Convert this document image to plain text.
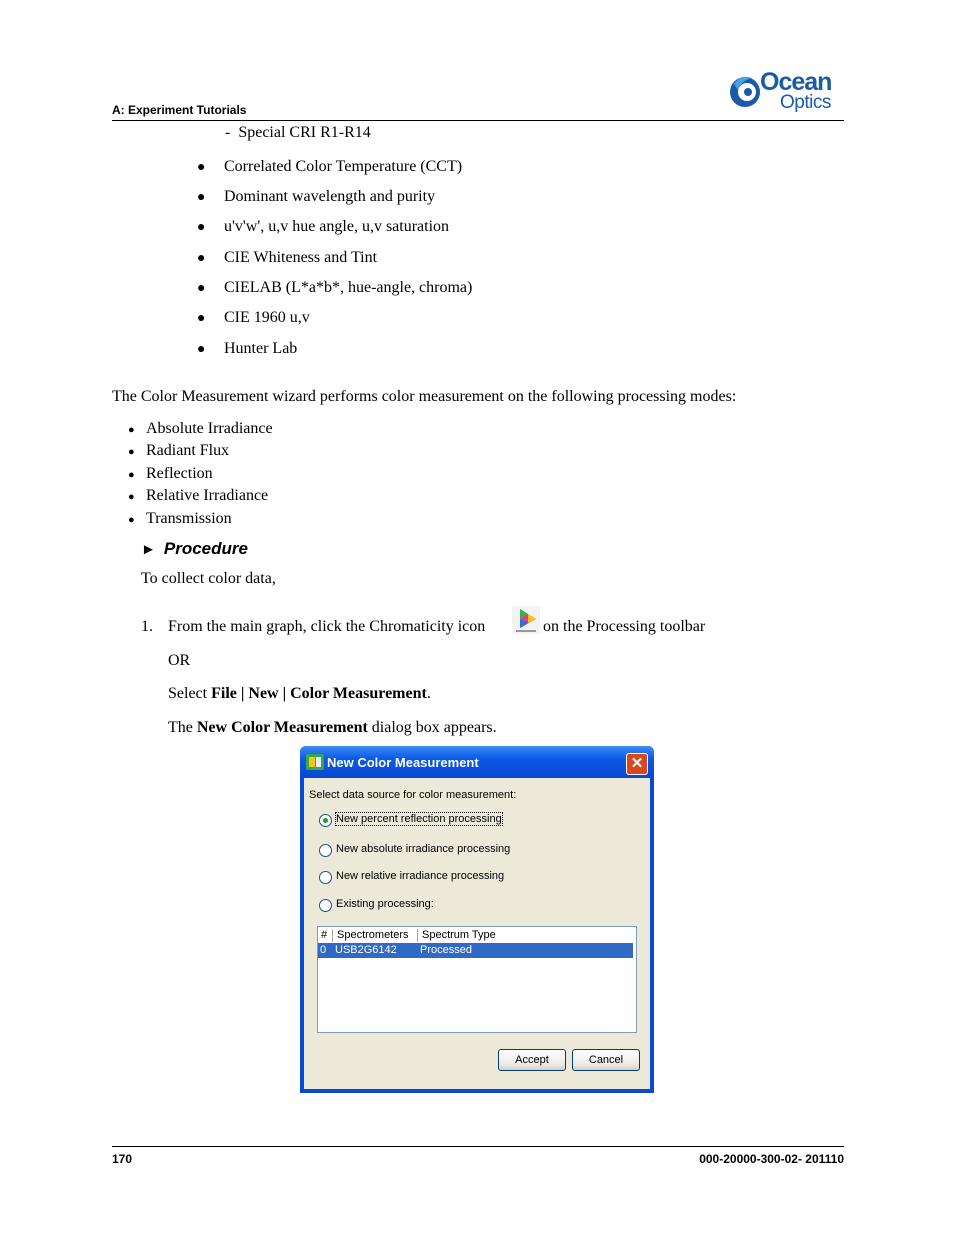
A: Experiment Tutorials
Ocean
Optics
-  Special CRI R1-R14
● Correlated Color Temperature (CCT)
● Dominant wavelength and purity
● u'v'w', u,v hue angle, u,v saturation
● CIE Whiteness and Tint
● CIELAB (L*a*b*, hue-angle, chroma)
● CIE 1960 u,v
● Hunter Lab
The Color Measurement wizard performs color measurement on the following processing modes:
● Absolute Irradiance
● Radiant Flux
● Reflection
● Relative Irradiance
● Transmission
► Procedure
To collect color data,
1. From the main graph, click the Chromaticity icon	on the Processing toolbar
OR
Select File | New | Color Measurement.
The New Color Measurement dialog box appears.
New Color Measurement	✕
Select data source for color measurement:
New percent reflection processing
New absolute irradiance processing
New relative irradiance processing
Existing processing:
# Spectrometers Spectrum Type
0 USB2G6142 Processed
Accept	Cancel
170	000-20000-300-02- 201110
